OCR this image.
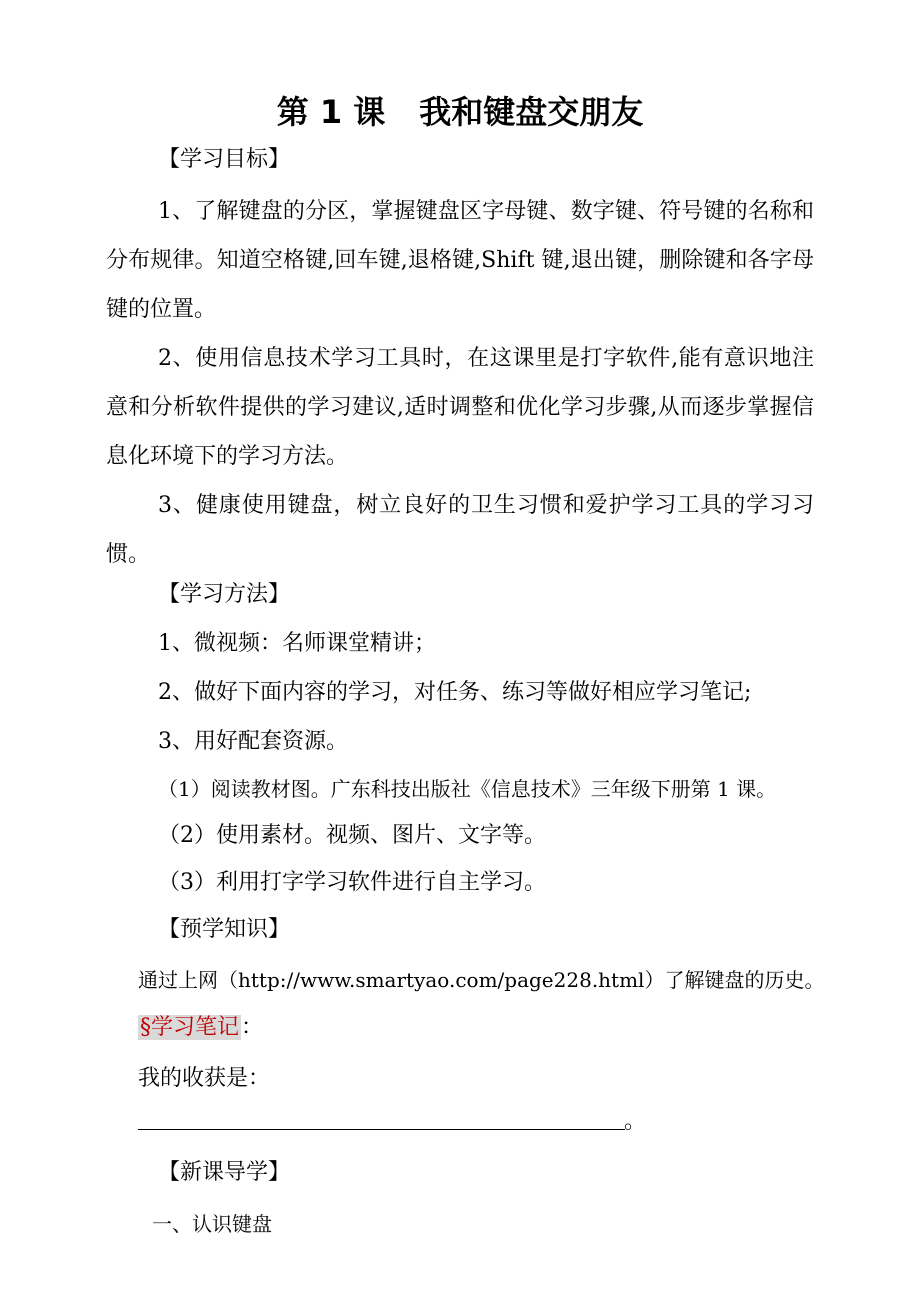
第 1 课 我和键盘交朋友
【学习目标】
1、了解键盘的分区，掌握键盘区字母键、数字键、符号键的名称和分布规律。知道空格键,回车键,退格键,Shift 键,退出键，删除键和各字母键的位置。
2、使用信息技术学习工具时，在这课里是打字软件,能有意识地注意和分析软件提供的学习建议,适时调整和优化学习步骤,从而逐步掌握信息化环境下的学习方法。
3、健康使用键盘，树立良好的卫生习惯和爱护学习工具的学习习惯。
【学习方法】
1、微视频：名师课堂精讲；
2、做好下面内容的学习，对任务、练习等做好相应学习笔记;
3、用好配套资源。
（1）阅读教材图。广东科技出版社《信息技术》三年级下册第 1 课。
（2）使用素材。视频、图片、文字等。
（3）利用打字学习软件进行自主学习。
【预学知识】
通过上网（http://www.smartyao.com/page228.html）了解键盘的历史。
§学习笔记：
我的收获是：
。
【新课导学】
一、认识键盘
